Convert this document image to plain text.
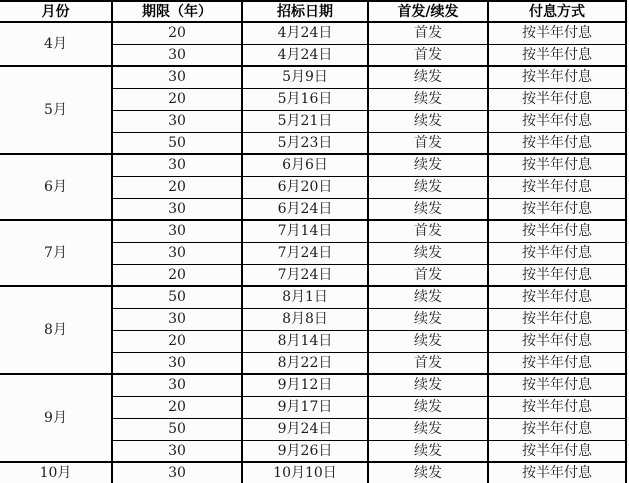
月份	期限（年）	招标日期	首发/续发	付息方式
4月	20	4月24日	首发	按半年付息
	30	4月24日	首发	按半年付息
5月	30	5月9日	续发	按半年付息
	20	5月16日	续发	按半年付息
	30	5月21日	续发	按半年付息
	50	5月23日	首发	按半年付息
6月	30	6月6日	续发	按半年付息
	20	6月20日	续发	按半年付息
	30	6月24日	续发	按半年付息
7月	30	7月14日	首发	按半年付息
	30	7月24日	续发	按半年付息
	20	7月24日	首发	按半年付息
8月	50	8月1日	续发	按半年付息
	30	8月8日	续发	按半年付息
	20	8月14日	续发	按半年付息
	30	8月22日	首发	按半年付息
9月	30	9月12日	续发	按半年付息
	20	9月17日	续发	按半年付息
	50	9月24日	续发	按半年付息
	30	9月26日	续发	按半年付息
10月	30	10月10日	续发	按半年付息
